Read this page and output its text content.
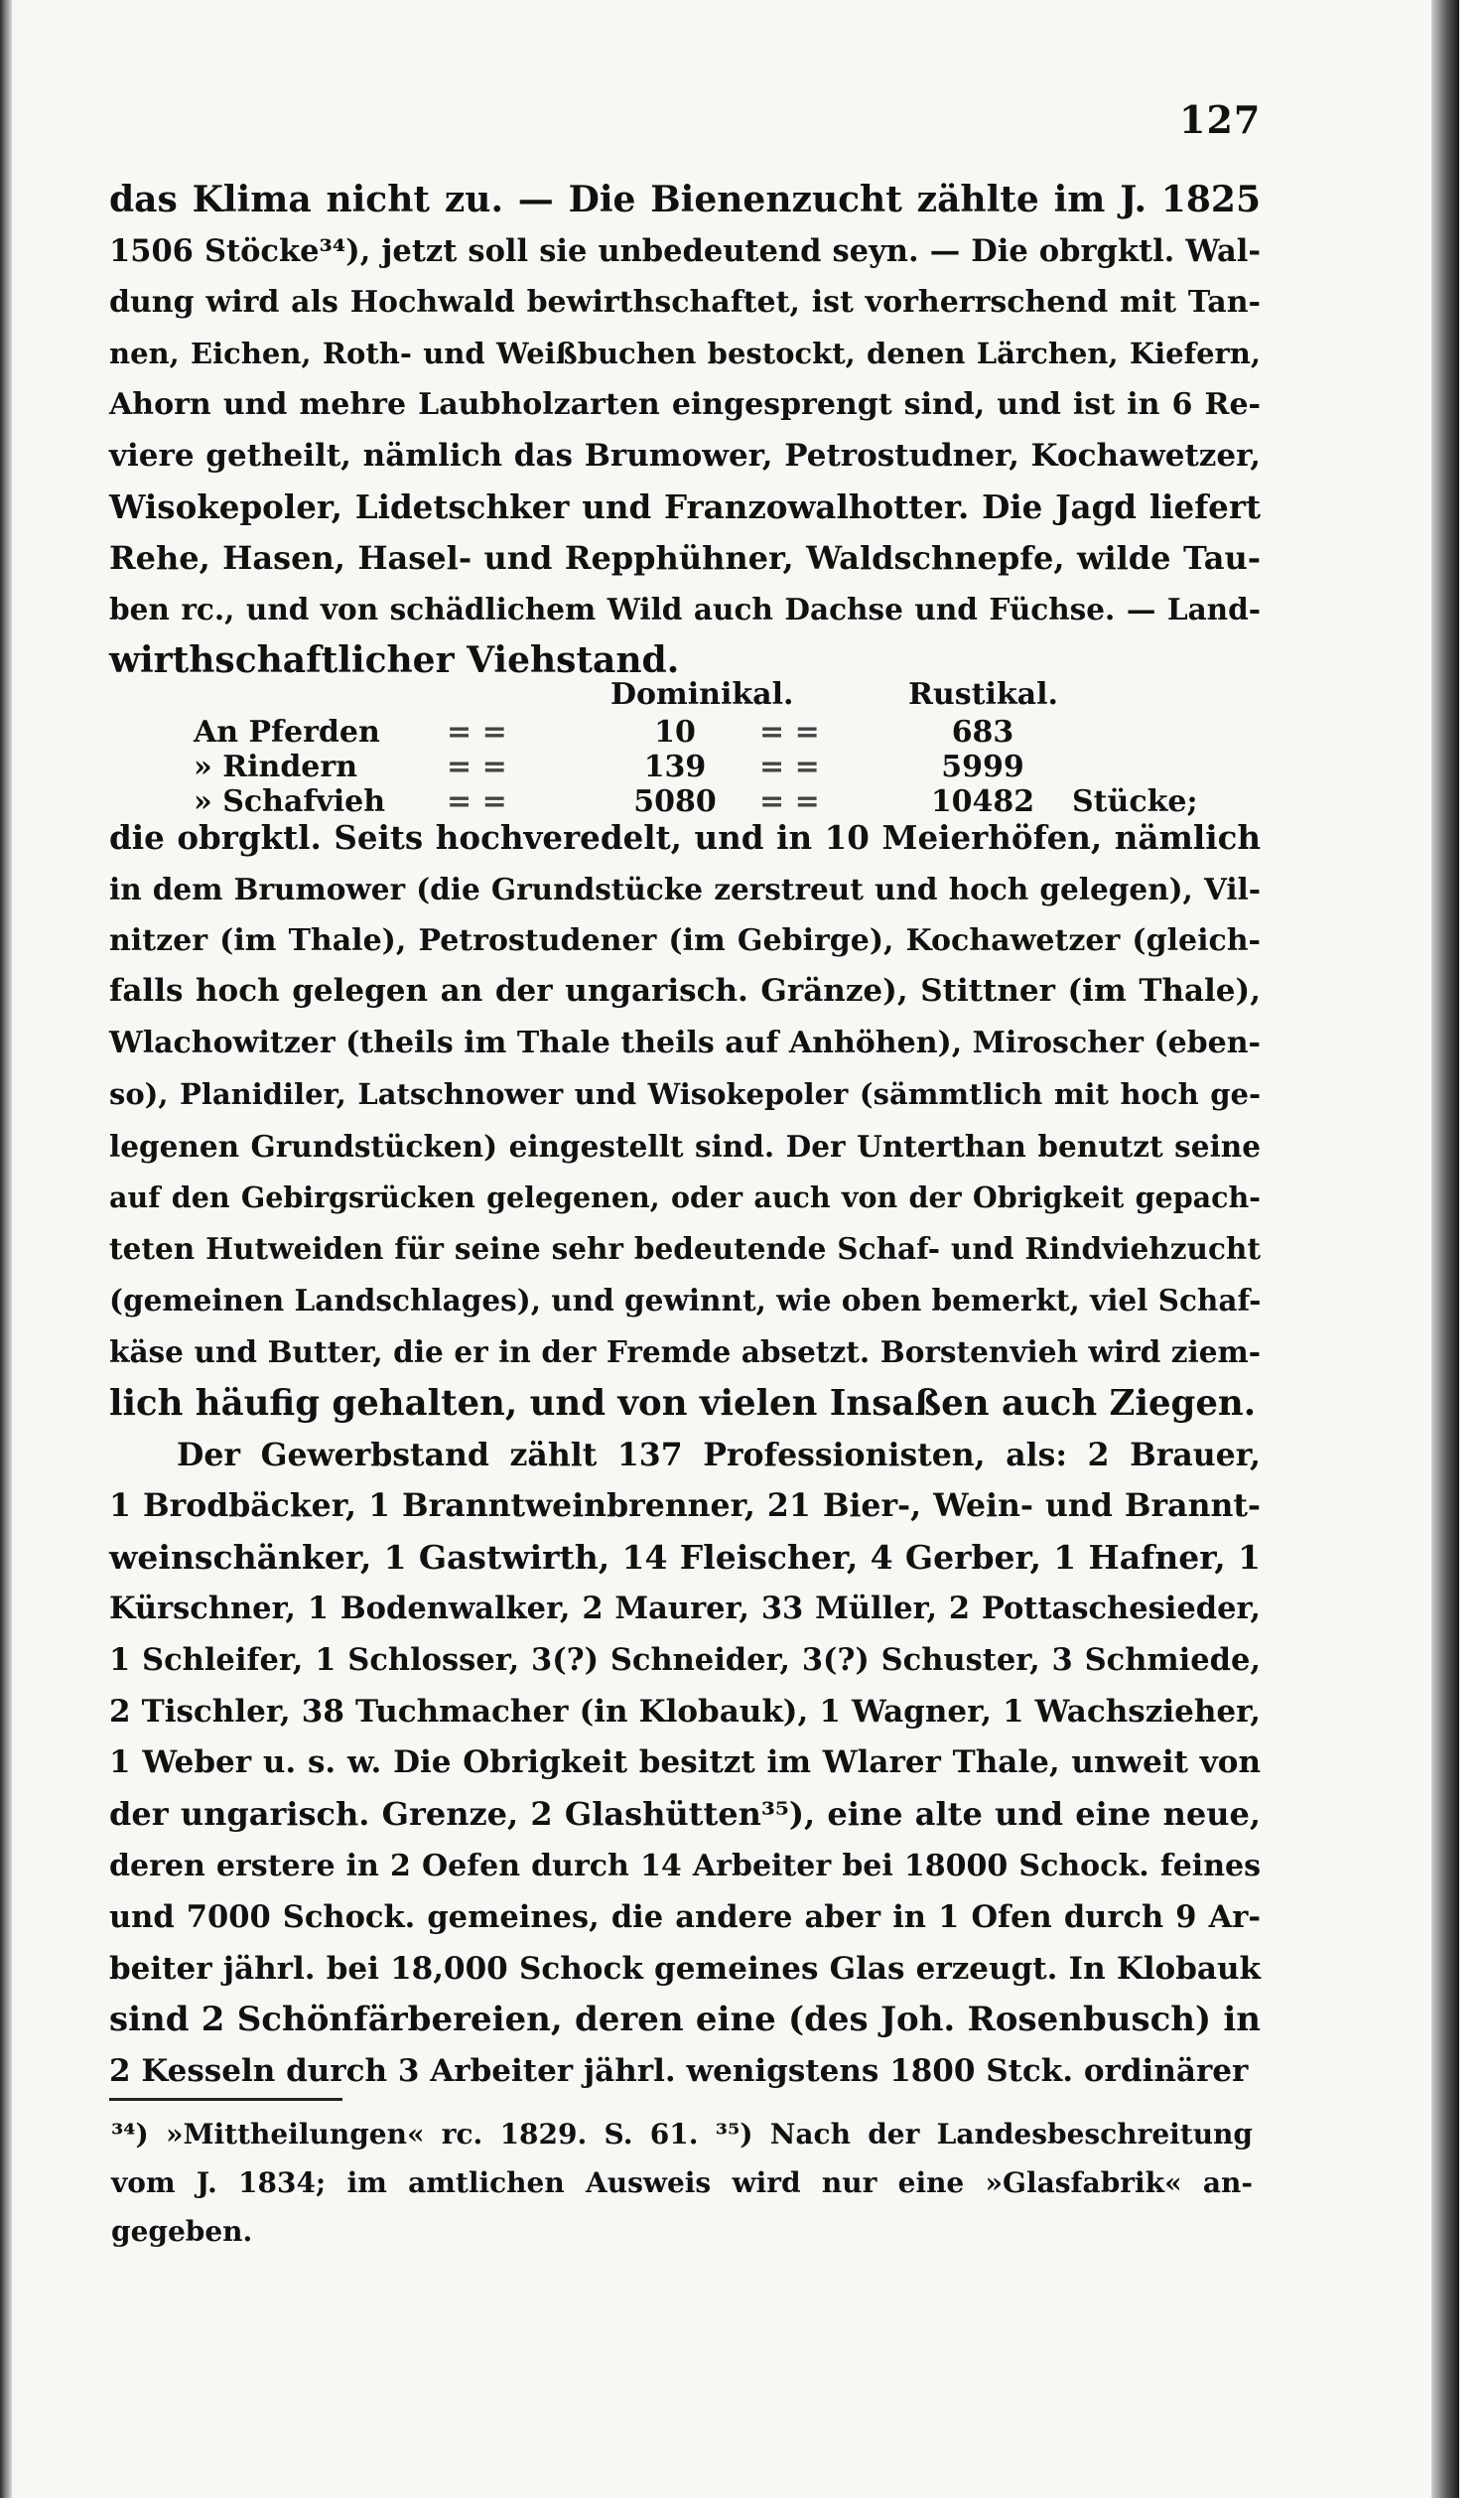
127
das Klima nicht zu. — Die Bienenzucht zählte im J. 1825
1506 Stöcke³⁴), jetzt soll sie unbedeutend seyn. — Die obrgktl. Wal-
dung wird als Hochwald bewirthschaftet, ist vorherrschend mit Tan-
nen, Eichen, Roth- und Weißbuchen bestockt, denen Lärchen, Kiefern,
Ahorn und mehre Laubholzarten eingesprengt sind, und ist in 6 Re-
viere getheilt, nämlich das Brumower, Petrostudner, Kochawetzer,
Wisokepoler, Lidetschker und Franzowalhotter. Die Jagd liefert
Rehe, Hasen, Hasel- und Repphühner, Waldschnepfe, wilde Tau-
ben rc., und von schädlichem Wild auch Dachse und Füchse. — Land-
wirthschaftlicher Viehstand.
Dominikal.	Rustikal.
An Pferden = =	10	= =	683
» Rindern	= =	139	= =	5999
» Schafvieh = =	5080	= =	10482	Stücke;
die obrgktl. Seits hochveredelt, und in 10 Meierhöfen, nämlich
in dem Brumower (die Grundstücke zerstreut und hoch gelegen), Vil-
nitzer (im Thale), Petrostudener (im Gebirge), Kochawetzer (gleich-
falls hoch gelegen an der ungarisch. Gränze), Stittner (im Thale),
Wlachowitzer (theils im Thale theils auf Anhöhen), Miroscher (eben-
so), Planidiler, Latschnower und Wisokepoler (sämmtlich mit hoch ge-
legenen Grundstücken) eingestellt sind. Der Unterthan benutzt seine
auf den Gebirgsrücken gelegenen, oder auch von der Obrigkeit gepach-
teten Hutweiden für seine sehr bedeutende Schaf- und Rindviehzucht
(gemeinen Landschlages), und gewinnt, wie oben bemerkt, viel Schaf-
käse und Butter, die er in der Fremde absetzt. Borstenvieh wird ziem-
lich häufig gehalten, und von vielen Insaßen auch Ziegen.
Der Gewerbstand zählt 137 Professionisten, als: 2 Brauer,
1 Brodbäcker, 1 Branntweinbrenner, 21 Bier-, Wein- und Brannt-
weinschänker, 1 Gastwirth, 14 Fleischer, 4 Gerber, 1 Hafner, 1
Kürschner, 1 Bodenwalker, 2 Maurer, 33 Müller, 2 Pottaschesieder,
1 Schleifer, 1 Schlosser, 3(?) Schneider, 3(?) Schuster, 3 Schmiede,
2 Tischler, 38 Tuchmacher (in Klobauk), 1 Wagner, 1 Wachszieher,
1 Weber u. s. w. Die Obrigkeit besitzt im Wlarer Thale, unweit von
der ungarisch. Grenze, 2 Glashütten³⁵), eine alte und eine neue,
deren erstere in 2 Oefen durch 14 Arbeiter bei 18000 Schock. feines
und 7000 Schock. gemeines, die andere aber in 1 Ofen durch 9 Ar-
beiter jährl. bei 18,000 Schock gemeines Glas erzeugt. In Klobauk
sind 2 Schönfärbereien, deren eine (des Joh. Rosenbusch) in
2 Kesseln durch 3 Arbeiter jährl. wenigstens 1800 Stck. ordinärer
³⁴) »Mittheilungen« rc. 1829. S. 61. ³⁵) Nach der Landesbeschreitung
vom J. 1834; im amtlichen Ausweis wird nur eine »Glasfabrik« an-
gegeben.
